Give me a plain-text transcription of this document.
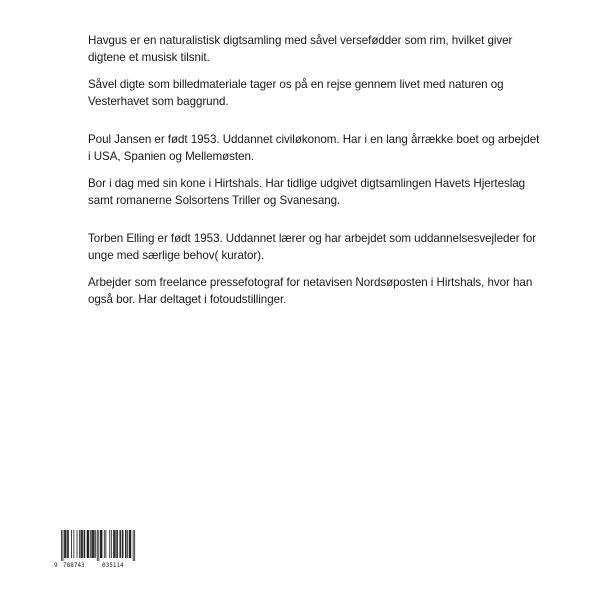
Havgus er en naturalistisk digtsamling med såvel versefødder som rim, hvilket giver digtene et musisk tilsnit.

Såvel digte som billedmateriale tager os på en rejse gennem livet med naturen og Vesterhavet som baggrund.

Poul Jansen er født 1953. Uddannet civiløkonom. Har i en lang årrække boet og arbejdet i USA, Spanien og Mellemøsten.

Bor i dag med sin kone i Hirtshals. Har tidlige udgivet digtsamlingen Havets Hjerteslag samt romanerne Solsortens Triller og Svanesang.

Torben Elling er født 1953. Uddannet lærer og har arbejdet som uddannelsesvejleder for unge med særlige behov( kurator).

Arbejder som freelance pressefotograf for netavisen Nordsøposten i Hirtshals, hvor han også bor. Har deltaget i fotoudstillinger.

9

788743

	035114
